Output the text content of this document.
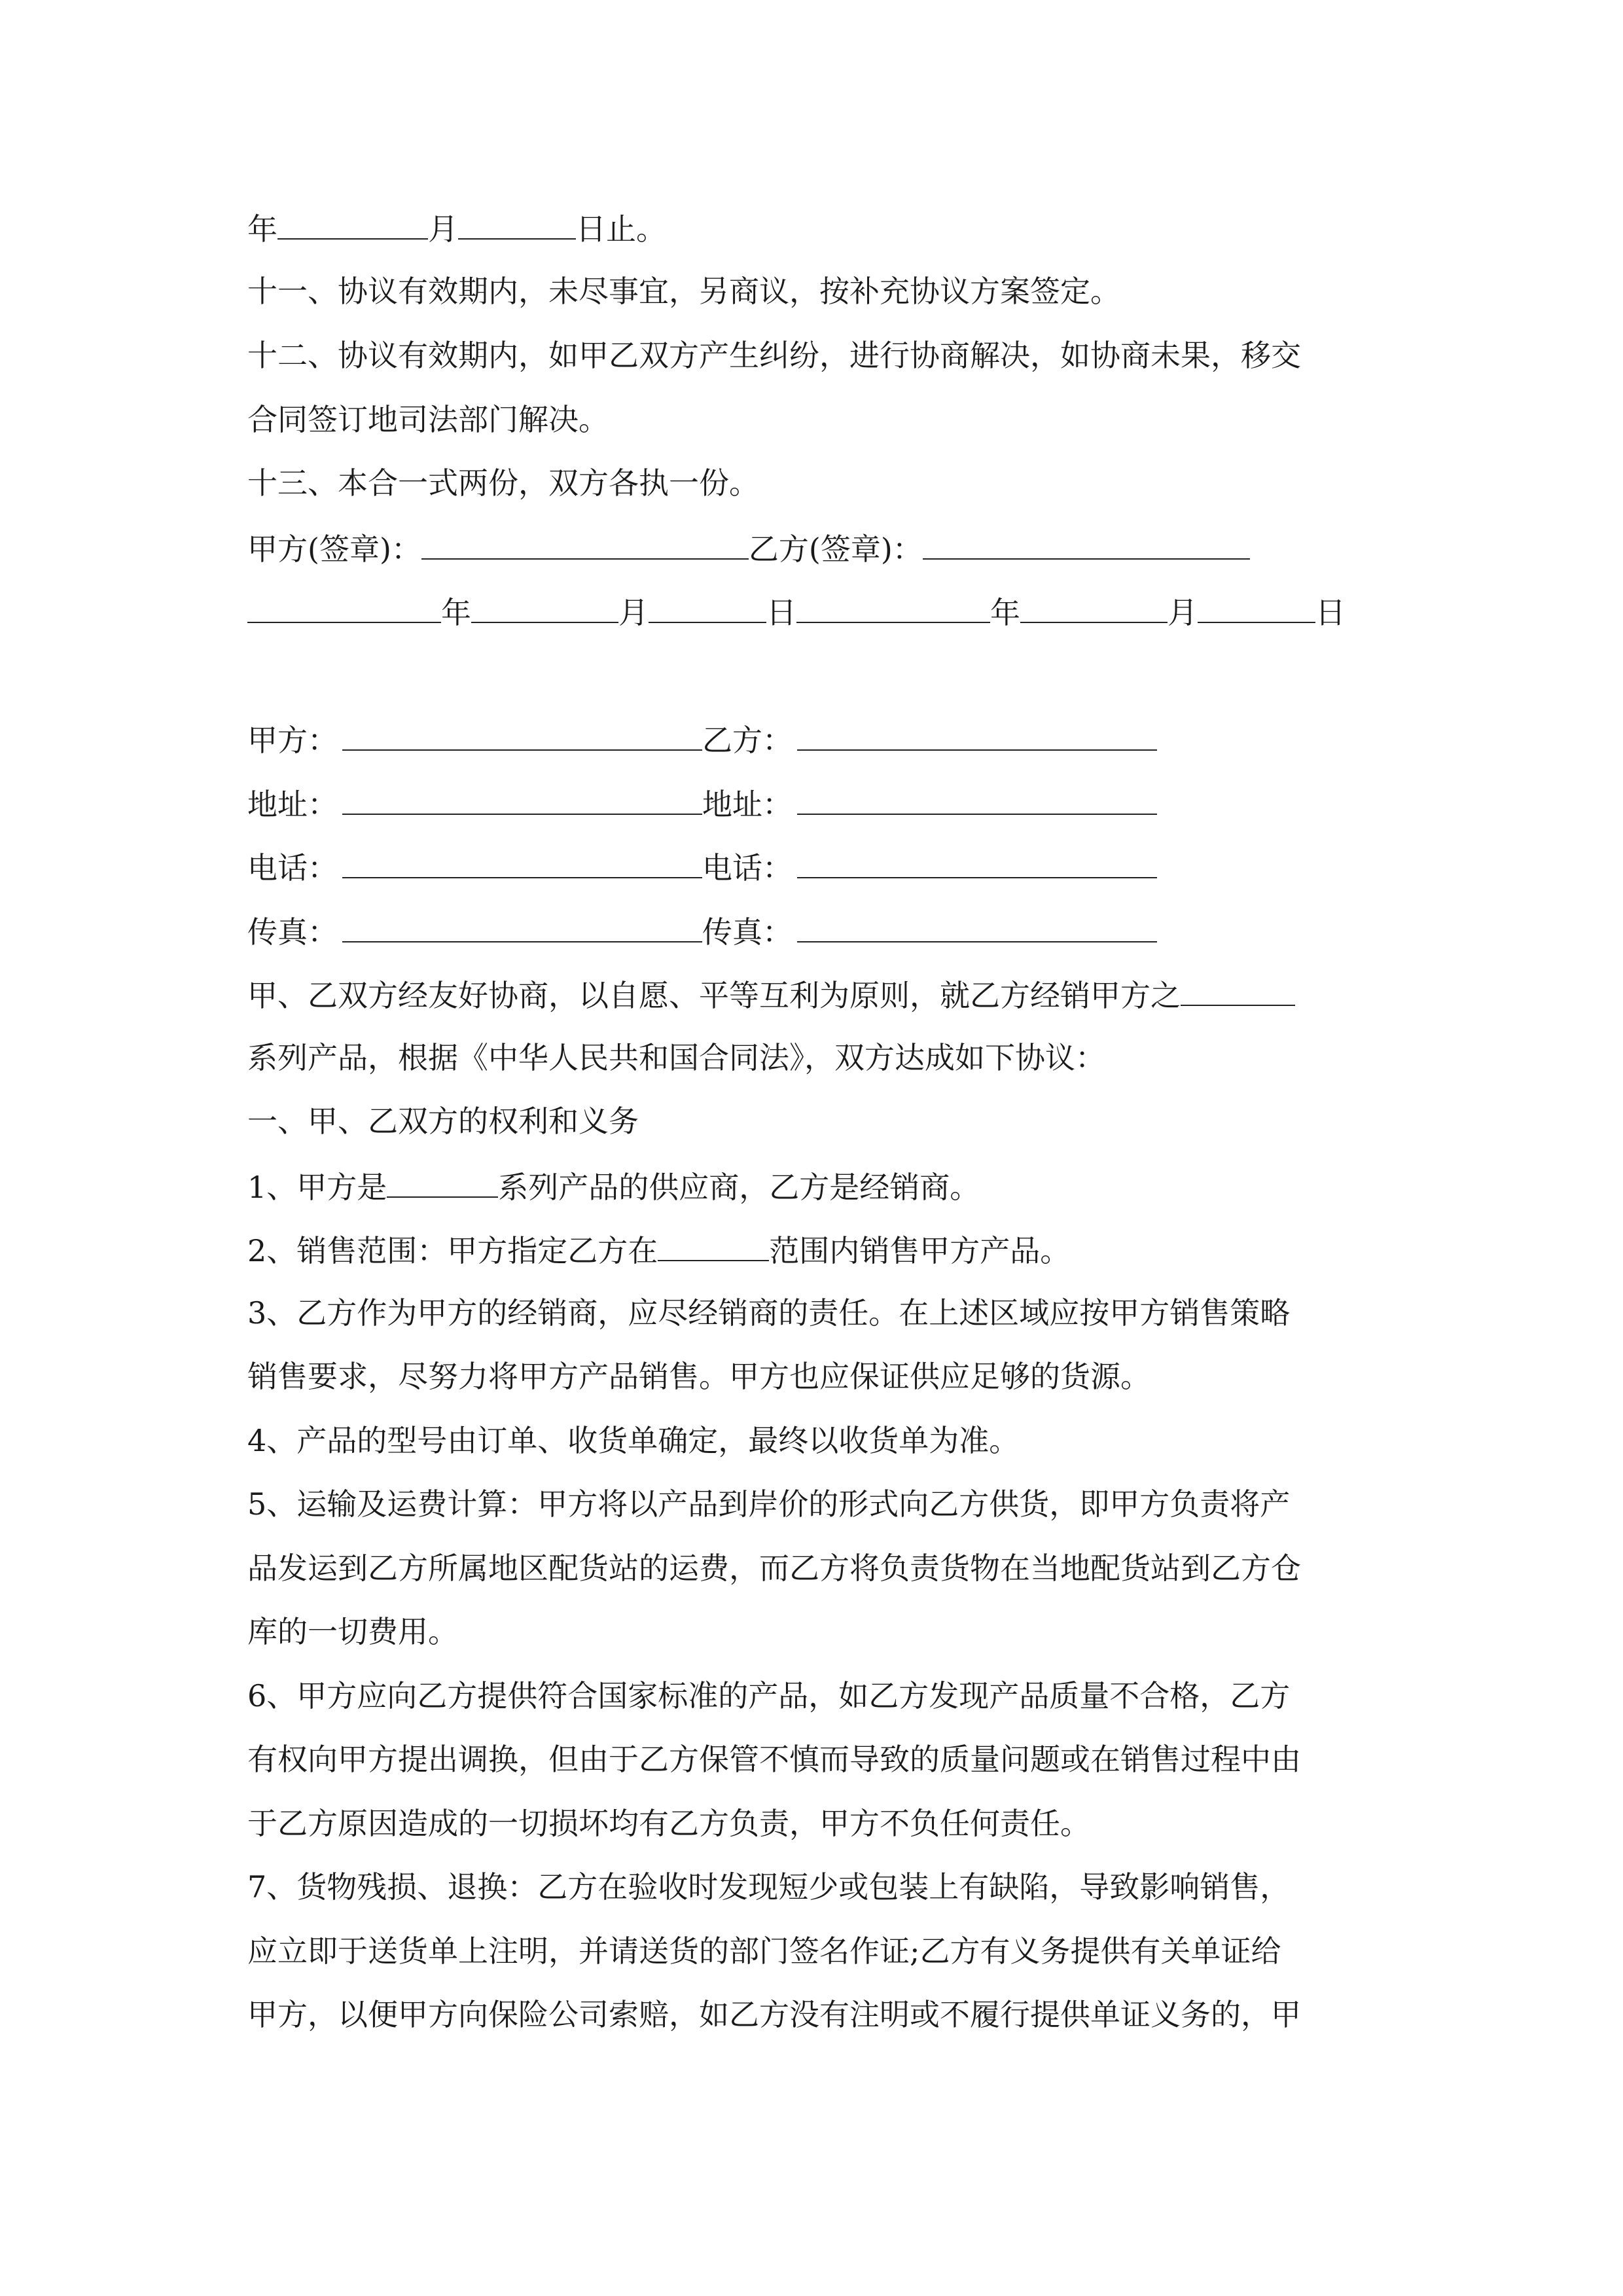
年	月	日止。
十一、协议有效期内，未尽事宜，另商议，按补充协议方案签定。
十二、协议有效期内，如甲乙双方产生纠纷，进行协商解决，如协商未果，移交
合同签订地司法部门解决。
十三、本合一式两份，双方各执一份。
甲方(签章)：	乙方(签章)：
年	月	日	年	月	日
甲方：	乙方：
地址：	地址：
电话：	电话：
传真：	传真：
甲、乙双方经友好协商，以自愿、平等互利为原则，就乙方经销甲方之
系列产品，根据《中华人民共和国合同法》，双方达成如下协议：
一、甲、乙双方的权利和义务
1、甲方是	系列产品的供应商，乙方是经销商。
2、销售范围：甲方指定乙方在	范围内销售甲方产品。
3、乙方作为甲方的经销商，应尽经销商的责任。在上述区域应按甲方销售策略
销售要求，尽努力将甲方产品销售。甲方也应保证供应足够的货源。
4、产品的型号由订单、收货单确定，最终以收货单为准。
5、运输及运费计算：甲方将以产品到岸价的形式向乙方供货，即甲方负责将产
品发运到乙方所属地区配货站的运费，而乙方将负责货物在当地配货站到乙方仓
库的一切费用。
6、甲方应向乙方提供符合国家标准的产品，如乙方发现产品质量不合格，乙方
有权向甲方提出调换，但由于乙方保管不慎而导致的质量问题或在销售过程中由
于乙方原因造成的一切损坏均有乙方负责，甲方不负任何责任。
7、货物残损、退换：乙方在验收时发现短少或包装上有缺陷，导致影响销售，
应立即于送货单上注明，并请送货的部门签名作证;乙方有义务提供有关单证给
甲方，以便甲方向保险公司索赔，如乙方没有注明或不履行提供单证义务的，甲
